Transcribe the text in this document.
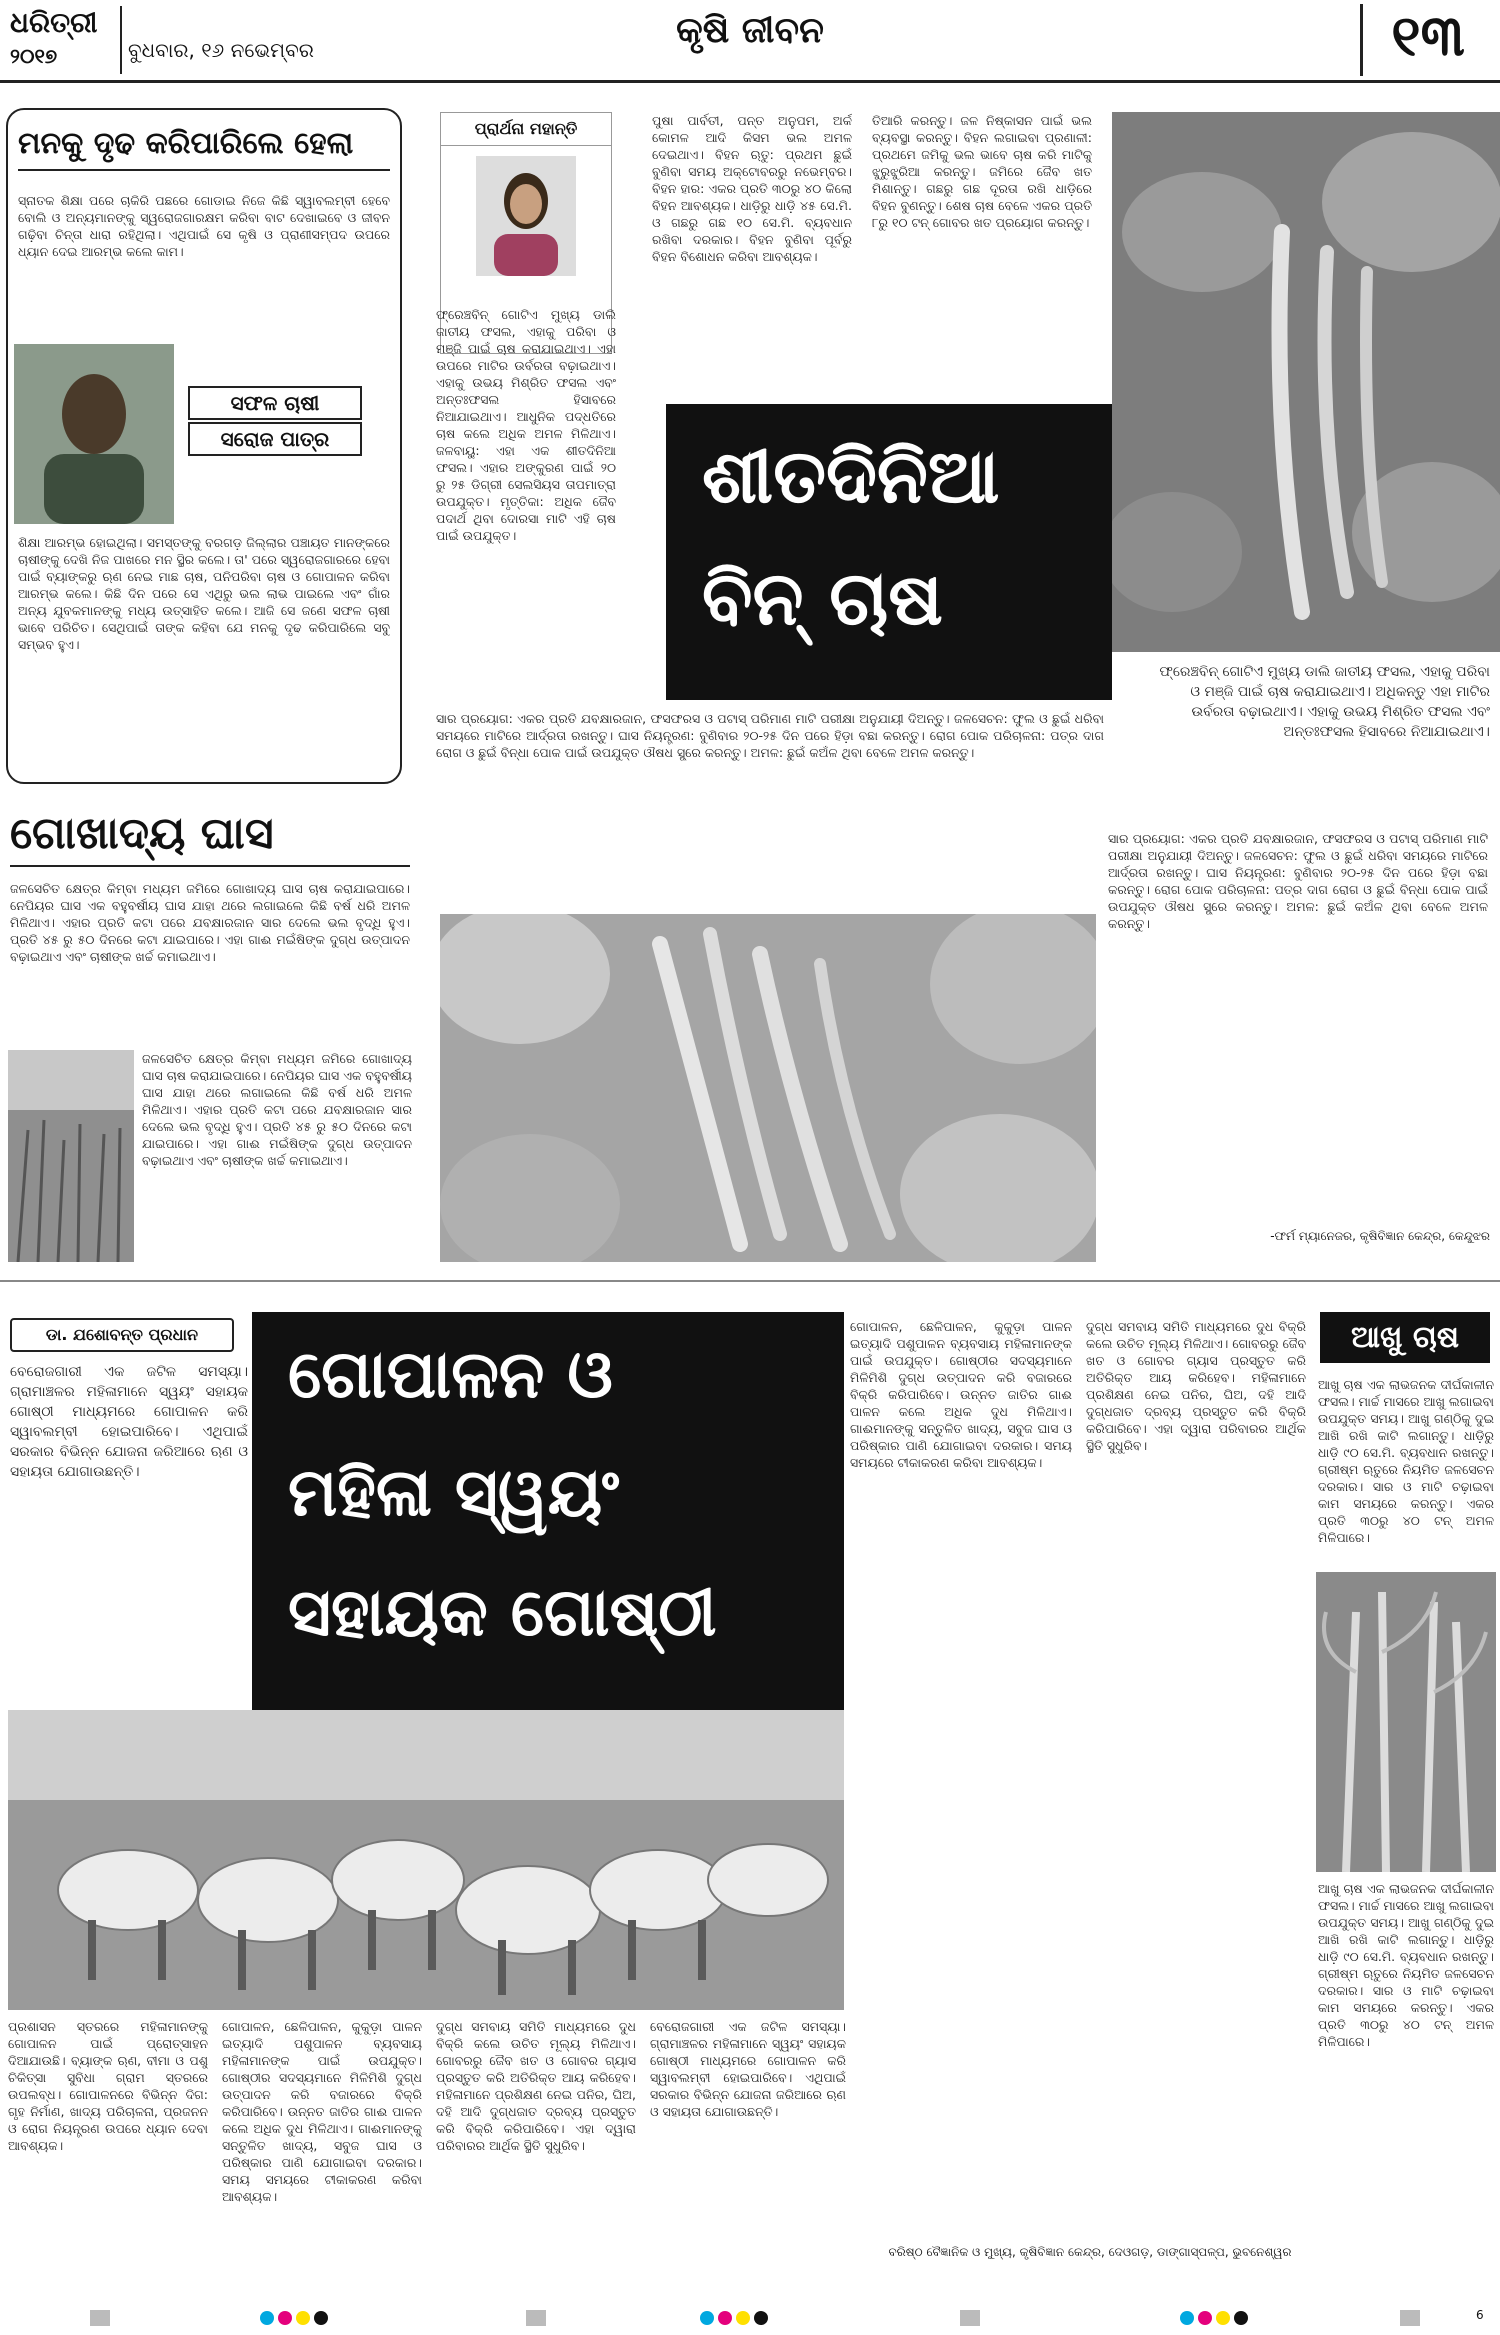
ଧରିତ୍ରୀ
୨୦୧୭	ବୁଧବାର, ୧୬ ନଭେମ୍ବର	କୃଷି ଜୀବନ	୧୩
ମନକୁ ଦୃଢ କରିପାରିଲେ ହେଲା
ସ୍ନାତକ ଶିକ୍ଷା ପରେ ଚାକିରି ପଛରେ ଗୋଡାଇ ନିଜେ କିଛି ସ୍ୱାବଲମ୍ବୀ ହେବେ ବୋଲି ଓ ଅନ୍ୟମାନଙ୍କୁ ସ୍ୱରୋଜଗାରକ୍ଷମ କରିବା ବାଟ ଦେଖାଇବେ ଓ ଜୀବନ ଗଢ଼ିବା ଚିନ୍ତା ଧାରା ରହିଥିଲା। ଏଥିପାଇଁ ସେ କୃଷି ଓ ପ୍ରାଣୀସମ୍ପଦ ଉପରେ ଧ୍ୟାନ ଦେଇ ଆରମ୍ଭ କଲେ କାମ।
ସଫଳ ଚାଷୀ
ସରୋଜ ପାତ୍ର
ଶିକ୍ଷା ଆରମ୍ଭ ହୋଇଥିଲା। ସମସ୍ତଙ୍କୁ ବରଗଡ଼ ଜିଲ୍ଲାର ପଞ୍ଚାୟତ ମାନଙ୍କରେ ଚାଷୀଙ୍କୁ ଦେଖି ନିଜ ପାଖରେ ମନ ସ୍ଥିର କଲେ। ତା' ପରେ ସ୍ୱରୋଜଗାରରେ ହେବା ପାଇଁ ବ୍ୟାଙ୍କରୁ ଋଣ ନେଇ ମାଛ ଚାଷ, ପନିପରିବା ଚାଷ ଓ ଗୋପାଳନ କରିବା ଆରମ୍ଭ କଲେ। କିଛି ଦିନ ପରେ ସେ ଏଥିରୁ ଭଲ ଲାଭ ପାଇଲେ ଏବଂ ଗାଁର ଅନ୍ୟ ଯୁବକମାନଙ୍କୁ ମଧ୍ୟ ଉତ୍ସାହିତ କଲେ। ଆଜି ସେ ଜଣେ ସଫଳ ଚାଷୀ ଭାବେ ପରିଚିତ। ସେଥିପାଇଁ ତାଙ୍କ କହିବା ଯେ ମନକୁ ଦୃଢ କରିପାରିଲେ ସବୁ ସମ୍ଭବ ହୁଏ।
ପ୍ରାର୍ଥନା ମହାନ୍ତି
ଫ୍ରେଞ୍ଚବିନ୍ ଗୋଟିଏ ମୁଖ୍ୟ ଡାଲି ଜାତୀୟ ଫସଲ, ଏହାକୁ ପରିବା ଓ ମଞ୍ଜି ପାଇଁ ଚାଷ କରାଯାଇଥାଏ। ଏହା ଉପରେ ମାଟିର ଉର୍ବରତା ବଢ଼ାଇଥାଏ। ଏହାକୁ ଉଭୟ ମିଶ୍ରିତ ଫସଲ ଏବଂ ଅନ୍ତଃଫସଲ ହିସାବରେ ନିଆଯାଇଥାଏ। ଆଧୁନିକ ପଦ୍ଧତିରେ ଚାଷ କଲେ ଅଧିକ ଅମଳ ମିଳିଥାଏ। ଜଳବାୟୁ: ଏହା ଏକ ଶୀତଦିନିଆ ଫସଲ। ଏହାର ଅଙ୍କୁରଣ ପାଇଁ ୨୦ ରୁ ୨୫ ଡିଗ୍ରୀ ସେଲସିୟସ ତାପମାତ୍ରା ଉପଯୁକ୍ତ। ମୃତ୍ତିକା: ଅଧିକ ଜୈବ ପଦାର୍ଥ ଥିବା ଦୋରସା ମାଟି ଏହି ଚାଷ ପାଇଁ ଉପଯୁକ୍ତ।
ପୁଷା ପାର୍ବତୀ, ପନ୍ତ ଅନୁପମ, ଅର୍କ କୋମଳ ଆଦି କିସମ ଭଲ ଅମଳ ଦେଇଥାଏ। ବିହନ ଋତୁ: ପ୍ରଥମ ଛୁଇଁ ବୁଣିବା ସମୟ ଅକ୍ଟୋବରରୁ ନଭେମ୍ବର। ବିହନ ହାର: ଏକର ପ୍ରତି ୩୦ରୁ ୪୦ କିଲୋ ବିହନ ଆବଶ୍ୟକ। ଧାଡ଼ିରୁ ଧାଡ଼ି ୪୫ ସେ.ମି. ଓ ଗଛରୁ ଗଛ ୧୦ ସେ.ମି. ବ୍ୟବଧାନ ରଖିବା ଦରକାର। ବିହନ ବୁଣିବା ପୂର୍ବରୁ ବିହନ ବିଶୋଧନ କରିବା ଆବଶ୍ୟକ।
ତିଆରି କରନ୍ତୁ। ଜଳ ନିଷ୍କାସନ ପାଇଁ ଭଲ ବ୍ୟବସ୍ଥା କରନ୍ତୁ। ବିହନ ଲଗାଇବା ପ୍ରଣାଳୀ: ପ୍ରଥମେ ଜମିକୁ ଭଲ ଭାବେ ଚାଷ କରି ମାଟିକୁ ଝୁରୁଝୁରିଆ କରନ୍ତୁ। ଜମିରେ ଜୈବ ଖତ ମିଶାନ୍ତୁ। ଗଛରୁ ଗଛ ଦୂରତା ରଖି ଧାଡ଼ିରେ ବିହନ ବୁଣନ୍ତୁ। ଶେଷ ଚାଷ ବେଳେ ଏକର ପ୍ରତି ୮ରୁ ୧୦ ଟନ୍ ଗୋବର ଖତ ପ୍ରୟୋଗ କରନ୍ତୁ।
ଶୀତଦିନିଆ
ବିନ୍ ଚାଷ
ଫ୍ରେଞ୍ଚବିନ୍ ଗୋଟିଏ ମୁଖ୍ୟ ଡାଲି ଜାତୀୟ ଫସଲ, ଏହାକୁ ପରିବା ଓ ମଞ୍ଜି ପାଇଁ ଚାଷ କରାଯାଇଥାଏ। ଅଧିକନ୍ତୁ ଏହା ମାଟିର ଉର୍ବରତା ବଢ଼ାଇଥାଏ। ଏହାକୁ ଉଭୟ ମିଶ୍ରିତ ଫସଲ ଏବଂ ଅନ୍ତଃଫସଲ ହିସାବରେ ନିଆଯାଇଥାଏ।
ସାର ପ୍ରୟୋଗ: ଏକର ପ୍ରତି ଯବକ୍ଷାରଜାନ, ଫସଫରସ ଓ ପଟାସ୍ ପରିମାଣ ମାଟି ପରୀକ୍ଷା ଅନୁଯାୟୀ ଦିଅନ୍ତୁ। ଜଳସେଚନ: ଫୁଲ ଓ ଛୁଇଁ ଧରିବା ସମୟରେ ମାଟିରେ ଆର୍ଦ୍ରତା ରଖନ୍ତୁ। ଘାସ ନିୟନ୍ତ୍ରଣ: ବୁଣିବାର ୨୦-୨୫ ଦିନ ପରେ ହିଡ଼ା ବଛା କରନ୍ତୁ। ରୋଗ ପୋକ ପରିଚାଳନା: ପତ୍ର ଦାଗ ରୋଗ ଓ ଛୁଇଁ ବିନ୍ଧା ପୋକ ପାଇଁ ଉପଯୁକ୍ତ ଔଷଧ ସ୍ପ୍ରେ କରନ୍ତୁ। ଅମଳ: ଛୁଇଁ କଅଁଳ ଥିବା ବେଳେ ଅମଳ କରନ୍ତୁ।
ସାର ପ୍ରୟୋଗ: ଏକର ପ୍ରତି ଯବକ୍ଷାରଜାନ, ଫସଫରସ ଓ ପଟାସ୍ ପରିମାଣ ମାଟି ପରୀକ୍ଷା ଅନୁଯାୟୀ ଦିଅନ୍ତୁ। ଜଳସେଚନ: ଫୁଲ ଓ ଛୁଇଁ ଧରିବା ସମୟରେ ମାଟିରେ ଆର୍ଦ୍ରତା ରଖନ୍ତୁ। ଘାସ ନିୟନ୍ତ୍ରଣ: ବୁଣିବାର ୨୦-୨୫ ଦିନ ପରେ ହିଡ଼ା ବଛା କରନ୍ତୁ। ରୋଗ ପୋକ ପରିଚାଳନା: ପତ୍ର ଦାଗ ରୋଗ ଓ ଛୁଇଁ ବିନ୍ଧା ପୋକ ପାଇଁ ଉପଯୁକ୍ତ ଔଷଧ ସ୍ପ୍ରେ କରନ୍ତୁ। ଅମଳ: ଛୁଇଁ କଅଁଳ ଥିବା ବେଳେ ଅମଳ କରନ୍ତୁ।
-ଫର୍ମ ମ୍ୟାନେଜର, କୃଷିବିଜ୍ଞାନ କେନ୍ଦ୍ର, କେନ୍ଦୁଝର
ଗୋଖାଦ୍ୟ ଘାସ
ଜଳସେଚିତ କ୍ଷେତ୍ର କିମ୍ବା ମଧ୍ୟମ ଜମିରେ ଗୋଖାଦ୍ୟ ଘାସ ଚାଷ କରାଯାଇପାରେ। ନେପିୟର ଘାସ ଏକ ବହୁବର୍ଷୀୟ ଘାସ ଯାହା ଥରେ ଲଗାଇଲେ କିଛି ବର୍ଷ ଧରି ଅମଳ ମିଳିଥାଏ। ଏହାର ପ୍ରତି କଟା ପରେ ଯବକ୍ଷାରଜାନ ସାର ଦେଲେ ଭଲ ବୃଦ୍ଧି ହୁଏ। ପ୍ରତି ୪୫ ରୁ ୫୦ ଦିନରେ କଟା ଯାଇପାରେ। ଏହା ଗାଈ ମଇଁଷିଙ୍କ ଦୁଗ୍ଧ ଉତ୍ପାଦନ ବଢ଼ାଇଥାଏ ଏବଂ ଚାଷୀଙ୍କ ଖର୍ଚ୍ଚ କମାଇଥାଏ।
ଜଳସେଚିତ କ୍ଷେତ୍ର କିମ୍ବା ମଧ୍ୟମ ଜମିରେ ଗୋଖାଦ୍ୟ ଘାସ ଚାଷ କରାଯାଇପାରେ। ନେପିୟର ଘାସ ଏକ ବହୁବର୍ଷୀୟ ଘାସ ଯାହା ଥରେ ଲଗାଇଲେ କିଛି ବର୍ଷ ଧରି ଅମଳ ମିଳିଥାଏ। ଏହାର ପ୍ରତି କଟା ପରେ ଯବକ୍ଷାରଜାନ ସାର ଦେଲେ ଭଲ ବୃଦ୍ଧି ହୁଏ। ପ୍ରତି ୪୫ ରୁ ୫୦ ଦିନରେ କଟା ଯାଇପାରେ। ଏହା ଗାଈ ମଇଁଷିଙ୍କ ଦୁଗ୍ଧ ଉତ୍ପାଦନ ବଢ଼ାଇଥାଏ ଏବଂ ଚାଷୀଙ୍କ ଖର୍ଚ୍ଚ କମାଇଥାଏ।
ଡା. ଯଶୋବନ୍ତ ପ୍ରଧାନ
ବେରୋଜଗାରୀ ଏକ ଜଟିଳ ସମସ୍ୟା। ଗ୍ରାମାଞ୍ଚଳର ମହିଳାମାନେ ସ୍ୱୟଂ ସହାୟକ ଗୋଷ୍ଠୀ ମାଧ୍ୟମରେ ଗୋପାଳନ କରି ସ୍ୱାବଲମ୍ବୀ ହୋଇପାରିବେ। ଏଥିପାଇଁ ସରକାର ବିଭିନ୍ନ ଯୋଜନା ଜରିଆରେ ଋଣ ଓ ସହାୟତା ଯୋଗାଉଛନ୍ତି।
ଗୋପାଳନ ଓ
ମହିଳା ସ୍ୱୟଂ
ସହାୟକ ଗୋଷ୍ଠୀ
ଗୋପାଳନ, ଛେଳିପାଳନ, କୁକୁଡ଼ା ପାଳନ ଇତ୍ୟାଦି ପଶୁପାଳନ ବ୍ୟବସାୟ ମହିଳାମାନଙ୍କ ପାଇଁ ଉପଯୁକ୍ତ। ଗୋଷ୍ଠୀର ସଦସ୍ୟମାନେ ମିଳିମିଶି ଦୁଗ୍ଧ ଉତ୍ପାଦନ କରି ବଜାରରେ ବିକ୍ରି କରିପାରିବେ। ଉନ୍ନତ ଜାତିର ଗାଈ ପାଳନ କଲେ ଅଧିକ ଦୁଧ ମିଳିଥାଏ। ଗାଈମାନଙ୍କୁ ସନ୍ତୁଳିତ ଖାଦ୍ୟ, ସବୁଜ ଘାସ ଓ ପରିଷ୍କାର ପାଣି ଯୋଗାଇବା ଦରକାର। ସମୟ ସମୟରେ ଟୀକାକରଣ କରିବା ଆବଶ୍ୟକ।
ଦୁଗ୍ଧ ସମବାୟ ସମିତି ମାଧ୍ୟମରେ ଦୁଧ ବିକ୍ରି କଲେ ଉଚିତ ମୂଲ୍ୟ ମିଳିଥାଏ। ଗୋବରରୁ ଜୈବ ଖତ ଓ ଗୋବର ଗ୍ୟାସ ପ୍ରସ୍ତୁତ କରି ଅତିରିକ୍ତ ଆୟ କରିହେବ। ମହିଳାମାନେ ପ୍ରଶିକ୍ଷଣ ନେଇ ପନିର, ଘିଅ, ଦହି ଆଦି ଦୁଗ୍ଧଜାତ ଦ୍ରବ୍ୟ ପ୍ରସ୍ତୁତ କରି ବିକ୍ରି କରିପାରିବେ। ଏହା ଦ୍ୱାରା ପରିବାରର ଆର୍ଥିକ ସ୍ଥିତି ସୁଧୁରିବ।
ପ୍ରଶାସନ ସ୍ତରରେ ମହିଳାମାନଙ୍କୁ ଗୋପାଳନ ପାଇଁ ପ୍ରୋତ୍ସାହନ ଦିଆଯାଉଛି। ବ୍ୟାଙ୍କ ଋଣ, ବୀମା ଓ ପଶୁ ଚିକିତ୍ସା ସୁବିଧା ଗ୍ରାମ ସ୍ତରରେ ଉପଲବ୍ଧ। ଗୋପାଳନରେ ବିଭିନ୍ନ ଦିଗ: ଗୃହ ନିର୍ମାଣ, ଖାଦ୍ୟ ପରିଚାଳନା, ପ୍ରଜନନ ଓ ରୋଗ ନିୟନ୍ତ୍ରଣ ଉପରେ ଧ୍ୟାନ ଦେବା ଆବଶ୍ୟକ।
ଗୋପାଳନ, ଛେଳିପାଳନ, କୁକୁଡ଼ା ପାଳନ ଇତ୍ୟାଦି ପଶୁପାଳନ ବ୍ୟବସାୟ ମହିଳାମାନଙ୍କ ପାଇଁ ଉପଯୁକ୍ତ। ଗୋଷ୍ଠୀର ସଦସ୍ୟମାନେ ମିଳିମିଶି ଦୁଗ୍ଧ ଉତ୍ପାଦନ କରି ବଜାରରେ ବିକ୍ରି କରିପାରିବେ। ଉନ୍ନତ ଜାତିର ଗାଈ ପାଳନ କଲେ ଅଧିକ ଦୁଧ ମିଳିଥାଏ। ଗାଈମାନଙ୍କୁ ସନ୍ତୁଳିତ ଖାଦ୍ୟ, ସବୁଜ ଘାସ ଓ ପରିଷ୍କାର ପାଣି ଯୋଗାଇବା ଦରକାର। ସମୟ ସମୟରେ ଟୀକାକରଣ କରିବା ଆବଶ୍ୟକ।
ଦୁଗ୍ଧ ସମବାୟ ସମିତି ମାଧ୍ୟମରେ ଦୁଧ ବିକ୍ରି କଲେ ଉଚିତ ମୂଲ୍ୟ ମିଳିଥାଏ। ଗୋବରରୁ ଜୈବ ଖତ ଓ ଗୋବର ଗ୍ୟାସ ପ୍ରସ୍ତୁତ କରି ଅତିରିକ୍ତ ଆୟ କରିହେବ। ମହିଳାମାନେ ପ୍ରଶିକ୍ଷଣ ନେଇ ପନିର, ଘିଅ, ଦହି ଆଦି ଦୁଗ୍ଧଜାତ ଦ୍ରବ୍ୟ ପ୍ରସ୍ତୁତ କରି ବିକ୍ରି କରିପାରିବେ। ଏହା ଦ୍ୱାରା ପରିବାରର ଆର୍ଥିକ ସ୍ଥିତି ସୁଧୁରିବ।
ବେରୋଜଗାରୀ ଏକ ଜଟିଳ ସମସ୍ୟା। ଗ୍ରାମାଞ୍ଚଳର ମହିଳାମାନେ ସ୍ୱୟଂ ସହାୟକ ଗୋଷ୍ଠୀ ମାଧ୍ୟମରେ ଗୋପାଳନ କରି ସ୍ୱାବଲମ୍ବୀ ହୋଇପାରିବେ। ଏଥିପାଇଁ ସରକାର ବିଭିନ୍ନ ଯୋଜନା ଜରିଆରେ ଋଣ ଓ ସହାୟତା ଯୋଗାଉଛନ୍ତି।
ବରିଷ୍ଠ ବୈଜ୍ଞାନିକ ଓ ମୁଖ୍ୟ, କୃଷିବିଜ୍ଞାନ କେନ୍ଦ୍ର, ଦେଓଗଡ଼, ଡାଙ୍ଗାସ୍ପଳ୍ପ, ଭୁବନେଶ୍ୱର
ଆଖୁ ଚାଷ
ଆଖୁ ଚାଷ ଏକ ଲାଭଜନକ ଦୀର୍ଘକାଳୀନ ଫସଲ। ମାର୍ଚ୍ଚ ମାସରେ ଆଖୁ ଲଗାଇବା ଉପଯୁକ୍ତ ସମୟ। ଆଖୁ ଗଣ୍ଠିକୁ ଦୁଇ ଆଖି ରଖି କାଟି ଲଗାନ୍ତୁ। ଧାଡ଼ିରୁ ଧାଡ଼ି ୯୦ ସେ.ମି. ବ୍ୟବଧାନ ରଖନ୍ତୁ। ଗ୍ରୀଷ୍ମ ଋତୁରେ ନିୟମିତ ଜଳସେଚନ ଦରକାର। ସାର ଓ ମାଟି ଚଢ଼ାଇବା କାମ ସମୟରେ କରନ୍ତୁ। ଏକର ପ୍ରତି ୩୦ରୁ ୪୦ ଟନ୍ ଅମଳ ମିଳିପାରେ।
ଆଖୁ ଚାଷ ଏକ ଲାଭଜନକ ଦୀର୍ଘକାଳୀନ ଫସଲ। ମାର୍ଚ୍ଚ ମାସରେ ଆଖୁ ଲଗାଇବା ଉପଯୁକ୍ତ ସମୟ। ଆଖୁ ଗଣ୍ଠିକୁ ଦୁଇ ଆଖି ରଖି କାଟି ଲଗାନ୍ତୁ। ଧାଡ଼ିରୁ ଧାଡ଼ି ୯୦ ସେ.ମି. ବ୍ୟବଧାନ ରଖନ୍ତୁ। ଗ୍ରୀଷ୍ମ ଋତୁରେ ନିୟମିତ ଜଳସେଚନ ଦରକାର। ସାର ଓ ମାଟି ଚଢ଼ାଇବା କାମ ସମୟରେ କରନ୍ତୁ। ଏକର ପ୍ରତି ୩୦ରୁ ୪୦ ଟନ୍ ଅମଳ ମିଳିପାରେ।
6
